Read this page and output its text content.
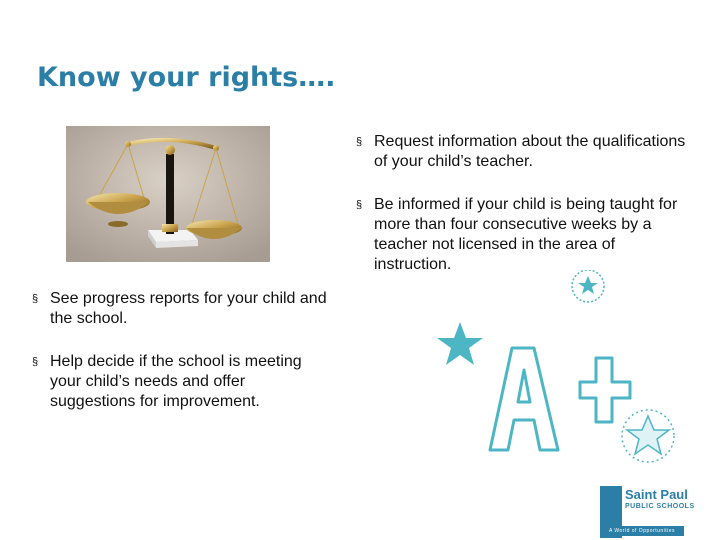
Know your rights….
§ Request information about the qualifications of your child’s teacher.
§ Be informed if your child is being taught for more than four consecutive weeks by a teacher not licensed in the area of instruction.
§ See progress reports for your child and the school.
§ Help decide if the school is meeting your child’s needs and offer suggestions for improvement.
Saint Paul
PUBLIC SCHOOLS
A World of Opportunities
